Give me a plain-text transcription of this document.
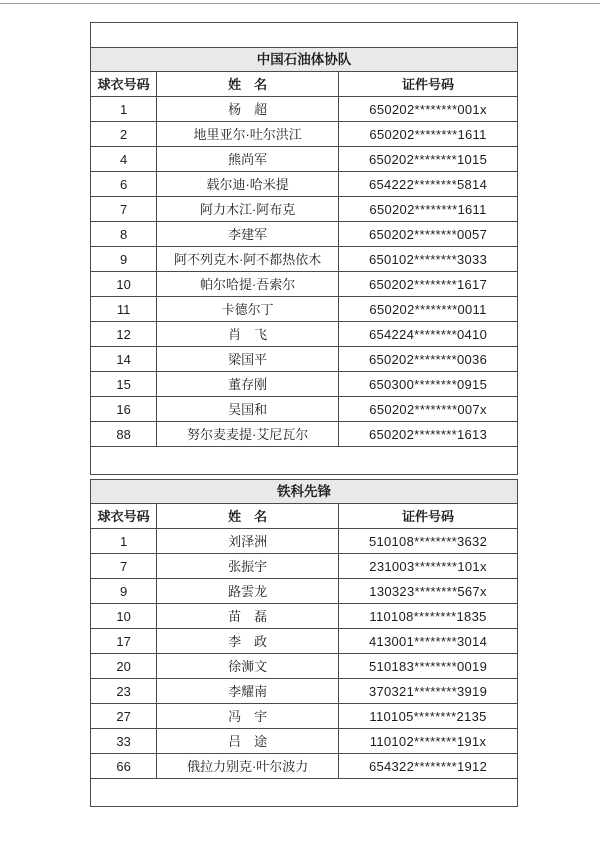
中国石油体协队		
球衣号码	姓　名	证件号码
1	杨　超	650202********001x
2	地里亚尔·吐尔洪江	650202********1611
4	熊尚军	650202********1015
6	载尔迪·哈米提	654222********5814
7	阿力木江·阿布克	650202********1611
8	李建军	650202********0057
9	阿不列克木·阿不都热依木	650102********3033
10	帕尔哈提·吾索尔	650202********1617
11	卡德尔丁	650202********0011
12	肖　飞	654224********0410
14	梁国平	650202********0036
15	董存刚	650300********0915
16	吴国和	650202********007x
88	努尔麦麦提·艾尼瓦尔	650202********1613

铁科先锋		
球衣号码	姓　名	证件号码
1	刘泽洲	510108********3632
7	张振宇	231003********101x
9	路雲龙	130323********567x
10	苗　磊	110108********1835
17	李　政	413001********3014
20	徐浉文	510183********0019
23	李耀南	370321********3919
27	冯　宇	110105********2135
33	吕　途	110102********191x
66	俄拉力别克·叶尔波力	654322********1912
